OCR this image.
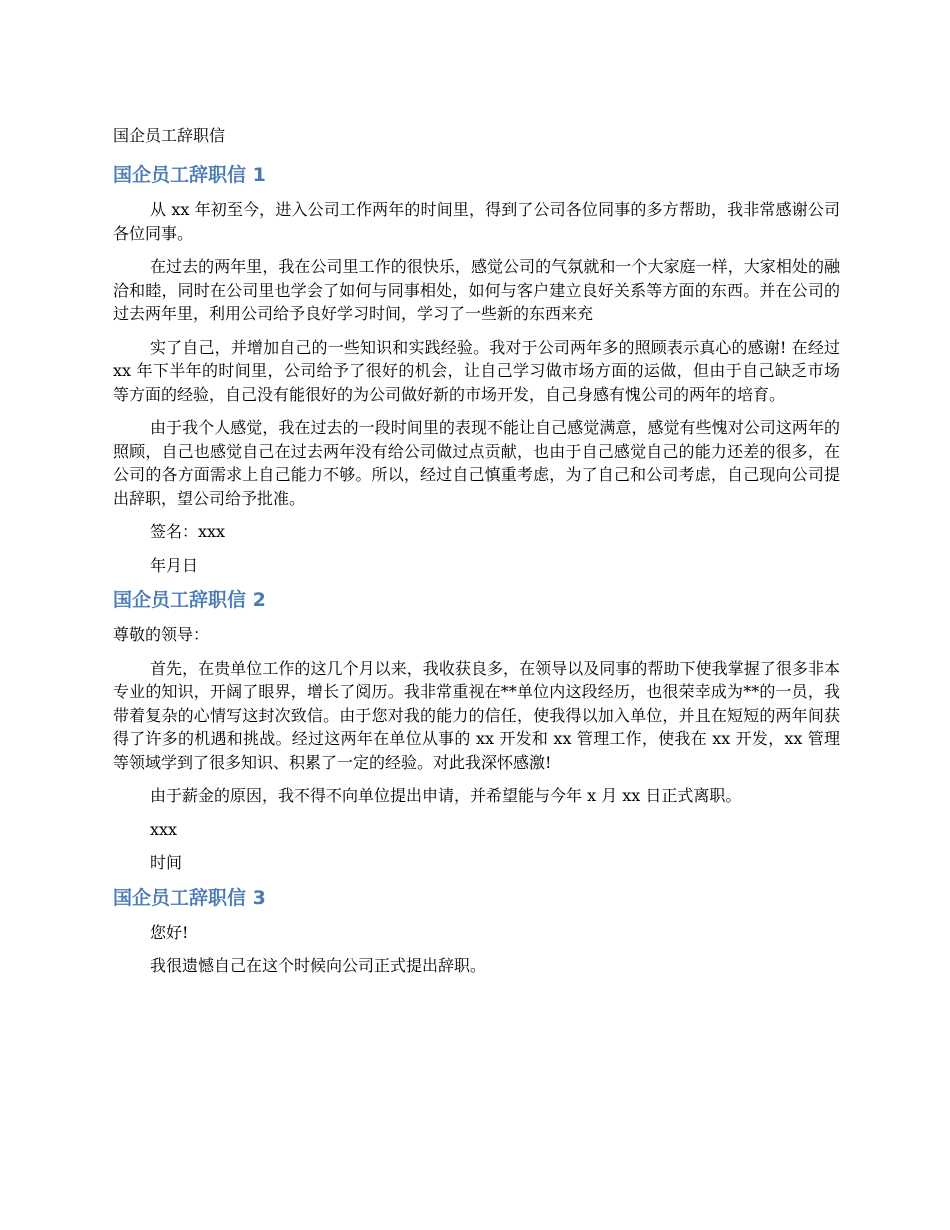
国企员工辞职信
国企员工辞职信 1

从 xx 年初至今，进入公司工作两年的时间里，得到了公司各位同事的多方帮助，我非常感谢公司各位同事。

在过去的两年里，我在公司里工作的很快乐，感觉公司的气氛就和一个大家庭一样，大家相处的融洽和睦，同时在公司里也学会了如何与同事相处，如何与客户建立良好关系等方面的东西。并在公司的过去两年里，利用公司给予良好学习时间，学习了一些新的东西来充

实了自己，并增加自己的一些知识和实践经验。我对于公司两年多的照顾表示真心的感谢! 在经过 xx 年下半年的时间里，公司给予了很好的机会，让自己学习做市场方面的运做，但由于自己缺乏市场等方面的经验，自己没有能很好的为公司做好新的市场开发，自己身感有愧公司的两年的培育。

由于我个人感觉，我在过去的一段时间里的表现不能让自己感觉满意，感觉有些愧对公司这两年的照顾，自己也感觉自己在过去两年没有给公司做过点贡献，也由于自己感觉自己的能力还差的很多，在公司的各方面需求上自己能力不够。所以，经过自己慎重考虑，为了自己和公司考虑，自己现向公司提出辞职，望公司给予批准。

签名：xxx

年月日

国企员工辞职信 2

尊敬的领导：

首先，在贵单位工作的这几个月以来，我收获良多，在领导以及同事的帮助下使我掌握了很多非本专业的知识，开阔了眼界，增长了阅历。我非常重视在**单位内这段经历，也很荣幸成为**的一员，我带着复杂的心情写这封次致信。由于您对我的能力的信任，使我得以加入单位，并且在短短的两年间获得了许多的机遇和挑战。经过这两年在单位从事的 xx 开发和 xx 管理工作，使我在 xx 开发，xx 管理等领域学到了很多知识、积累了一定的经验。对此我深怀感激!

由于薪金的原因，我不得不向单位提出申请，并希望能与今年 x 月 xx 日正式离职。

xxx

时间

国企员工辞职信 3

您好!

我很遗憾自己在这个时候向公司正式提出辞职。
